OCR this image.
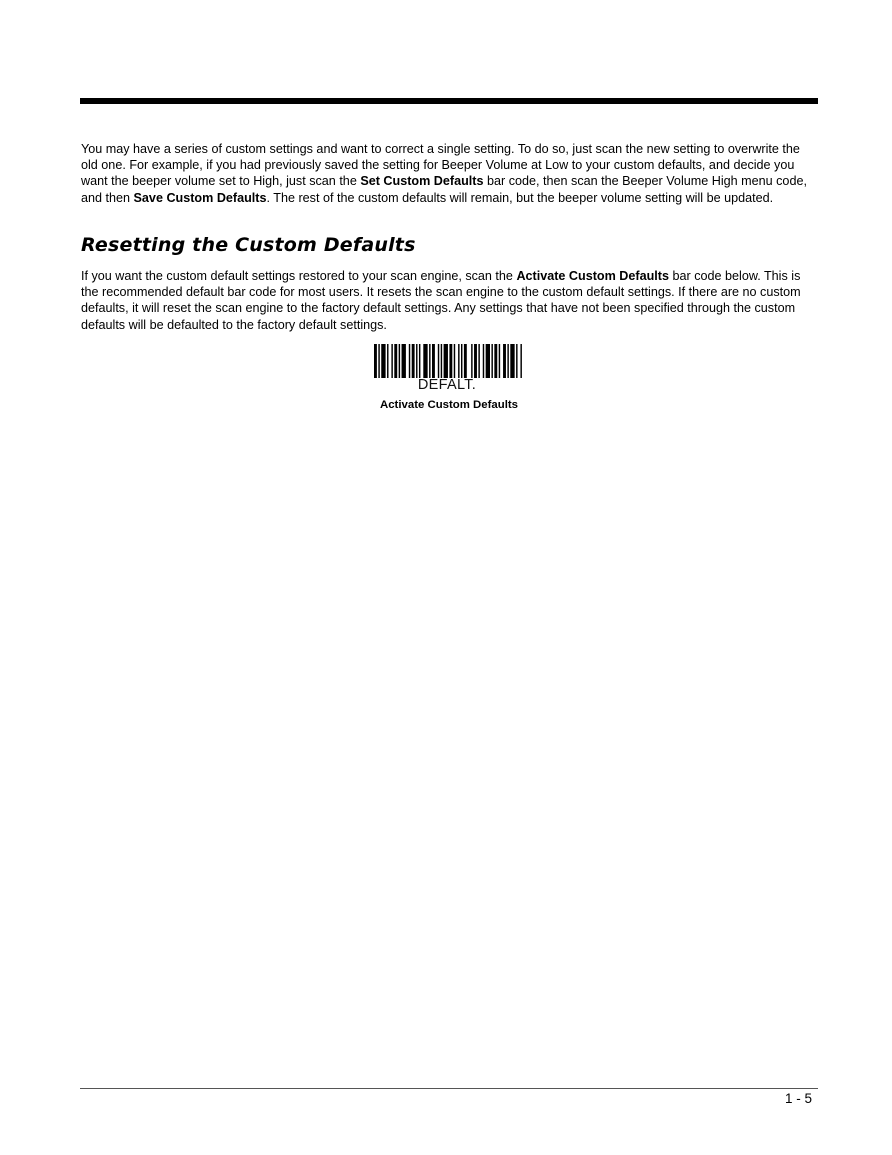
You may have a series of custom settings and want to correct a single setting. To do so, just scan the new setting to overwrite the old one. For example, if you had previously saved the setting for Beeper Volume at Low to your custom defaults, and decide you want the beeper volume set to High, just scan the Set Custom Defaults bar code, then scan the Beeper Volume High menu code, and then Save Custom Defaults. The rest of the custom defaults will remain, but the beeper volume setting will be updated.

Resetting the Custom Defaults

If you want the custom default settings restored to your scan engine, scan the Activate Custom Defaults bar code below. This is the recommended default bar code for most users. It resets the scan engine to the custom default settings. If there are no custom defaults, it will reset the scan engine to the factory default settings. Any settings that have not been specified through the custom defaults will be defaulted to the factory default settings.

DEFALT.
Activate Custom Defaults
1 - 5
